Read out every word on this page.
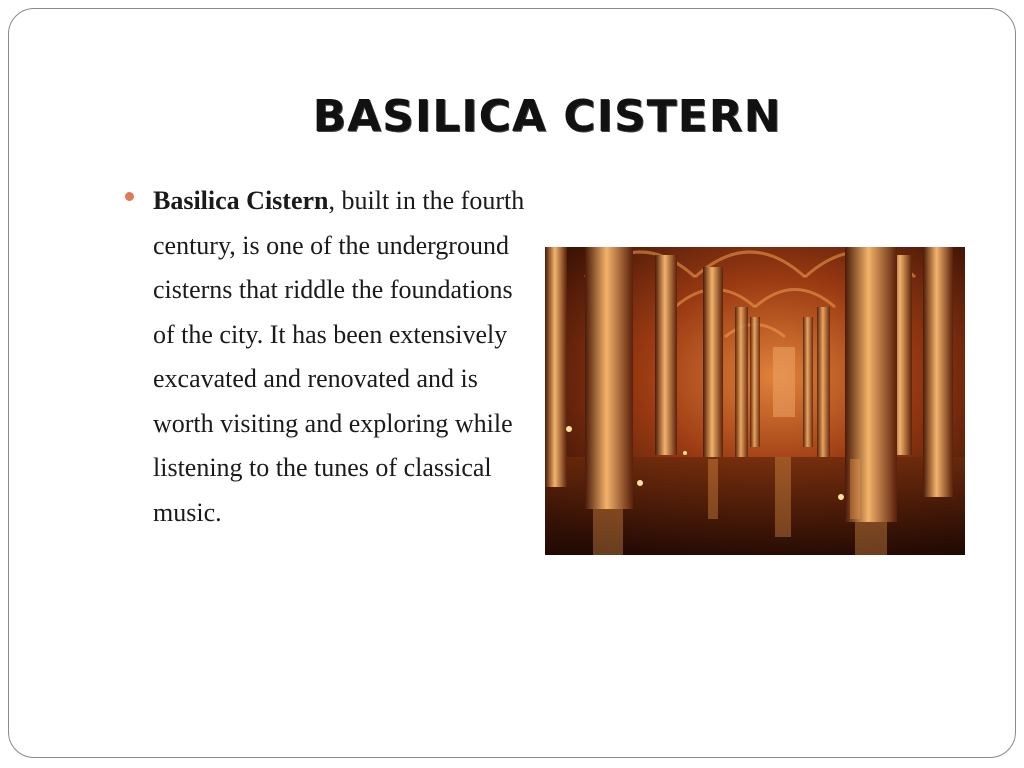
BASILICA CISTERN
Basilica Cistern, built in the fourth century, is one of the underground cisterns that riddle the foundations of the city. It has been extensively excavated and renovated and is worth visiting and exploring while listening to the tunes of classical music.
